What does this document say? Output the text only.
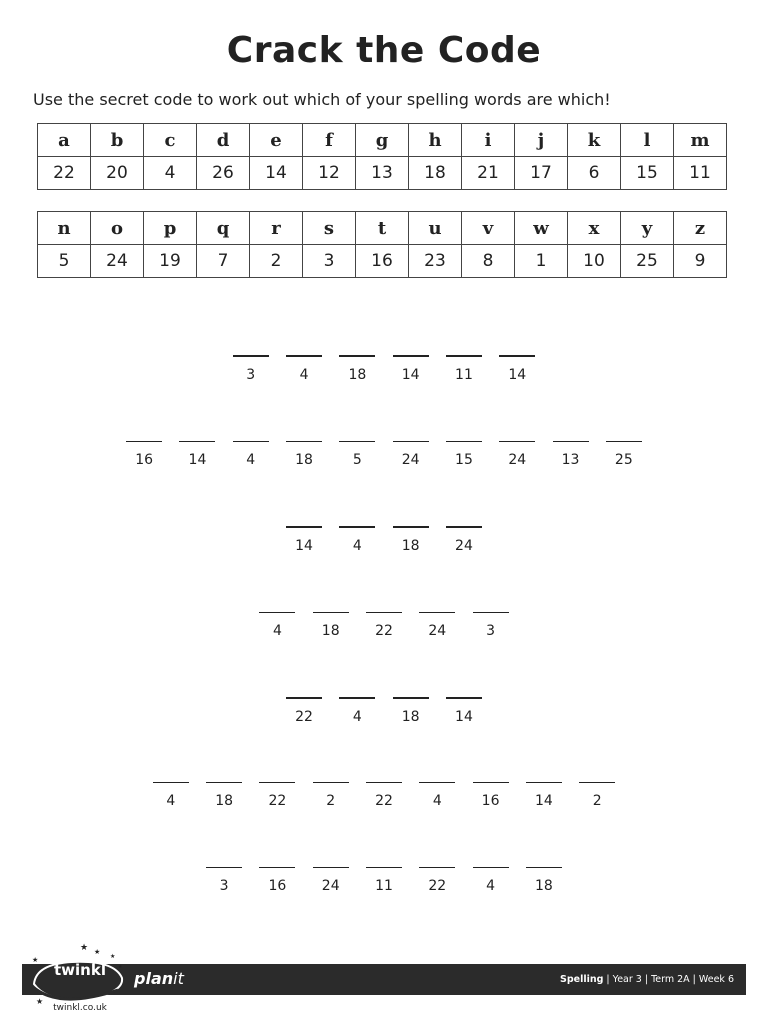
Crack the Code
Use the secret code to work out which of your spelling words are which!
a	b	c	d	e	f	g	h	i	j	k	l	m
22	20	4	26	14	12	13	18	21	17	6	15	11
n	o	p	q	r	s	t	u	v	w	x	y	z
5	24	19	7	2	3	16	23	8	1	10	25	9
3	4	18	14	11	14
16	14	4	18	5	24	15	24	13	25
14	4	18	24
4	18	22	24	3
22	4	18	14
4	18	22	2	22	4	16	14	2
3	16	24	11	22	4	18
★ ★
★
★
★
★
twinkl
twinkl.co.uk
planit	Spelling | Year 3 | Term 2A | Week 6
